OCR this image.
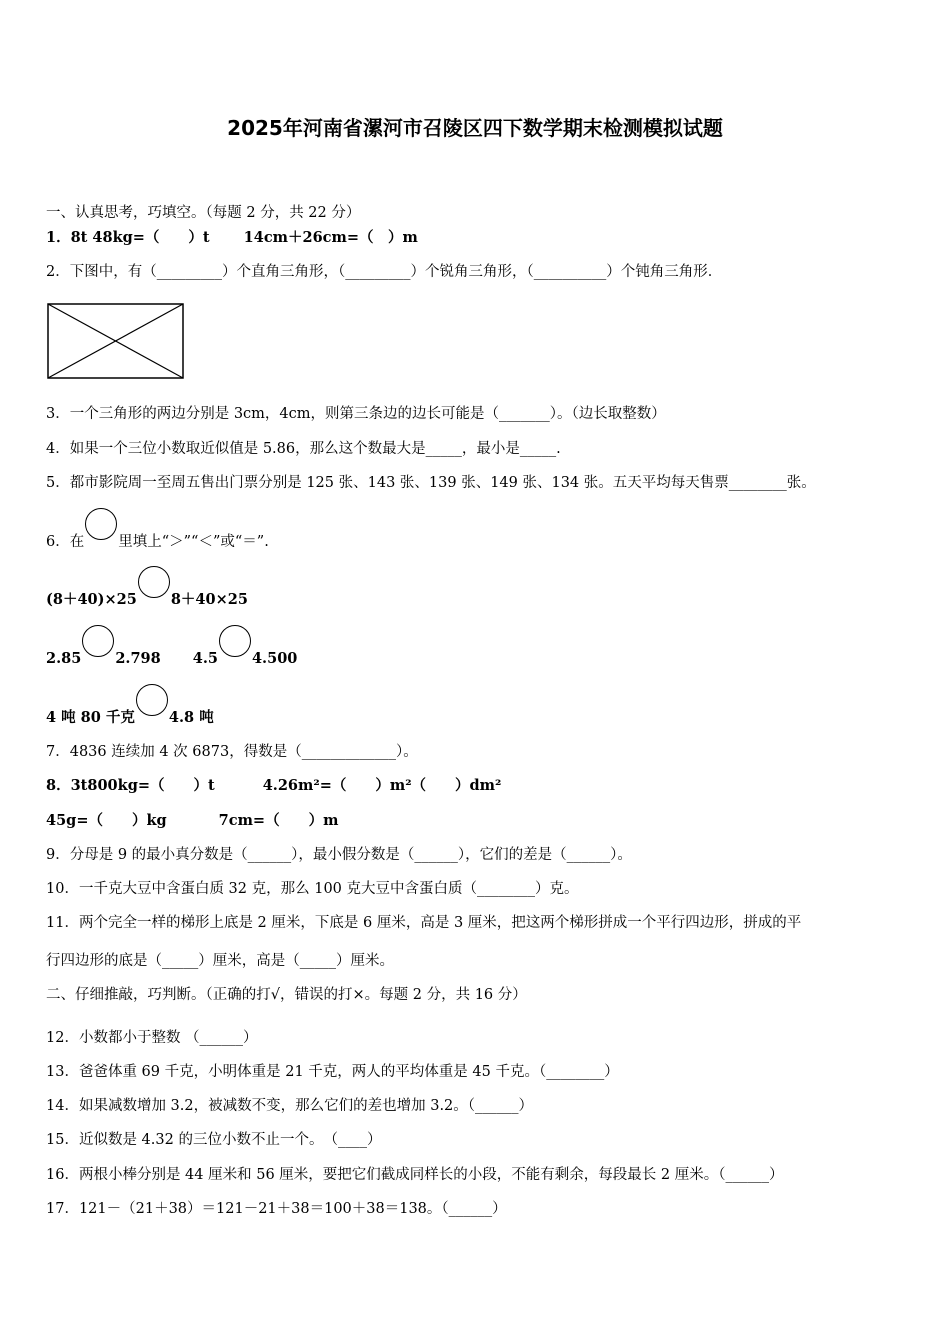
2025年河南省漯河市召陵区四下数学期末检测模拟试题
一、认真思考，巧填空。（每题 2 分，共 22 分）
1．8t 48kg=（　　）t 14cm＋26cm=（　）m
2．下图中，有（_________）个直角三角形，（_________）个锐角三角形，（__________）个钝角三角形．
3．一个三角形的两边分别是 3cm，4cm，则第三条边的边长可能是（_______）。（边长取整数）
4．如果一个三位小数取近似值是 5.86，那么这个数最大是_____，最小是_____.
5．都市影院周一至周五售出门票分别是 125 张、143 张、139 张、149 张、134 张。五天平均每天售票________张。
6．在 里填上“＞”“＜”或“＝”.
(8＋40)×25 8＋40×25
2.85 2.798 4.5 4.500
4 吨 80 千克 4.8 吨
7．4836 连续加 4 次 6873，得数是（_____________）。
8．3t800kg=（　　）t	4.26m²=（　　）m²（　　）dm²
45g=（　　）kg	7cm=（　　）m
9．分母是 9 的最小真分数是（______），最小假分数是（______），它们的差是（______）。
10．一千克大豆中含蛋白质 32 克，那么 100 克大豆中含蛋白质（________）克。
11．两个完全一样的梯形上底是 2 厘米，下底是 6 厘米，高是 3 厘米，把这两个梯形拼成一个平行四边形，拼成的平
行四边形的底是（_____）厘米，高是（_____）厘米。
二、仔细推敲，巧判断。（正确的打√，错误的打×。每题 2 分，共 16 分）
12．小数都小于整数 （______）
13．爸爸体重 69 千克，小明体重是 21 千克，两人的平均体重是 45 千克。（________）
14．如果减数增加 3.2，被减数不变，那么它们的差也增加 3.2。（______）
15．近似数是 4.32 的三位小数不止一个。　（____）
16．两根小棒分别是 44 厘米和 56 厘米，要把它们截成同样长的小段，不能有剩余，每段最长 2 厘米。（______）
17．121－（21＋38）＝121－21＋38＝100＋38＝138。（______）
